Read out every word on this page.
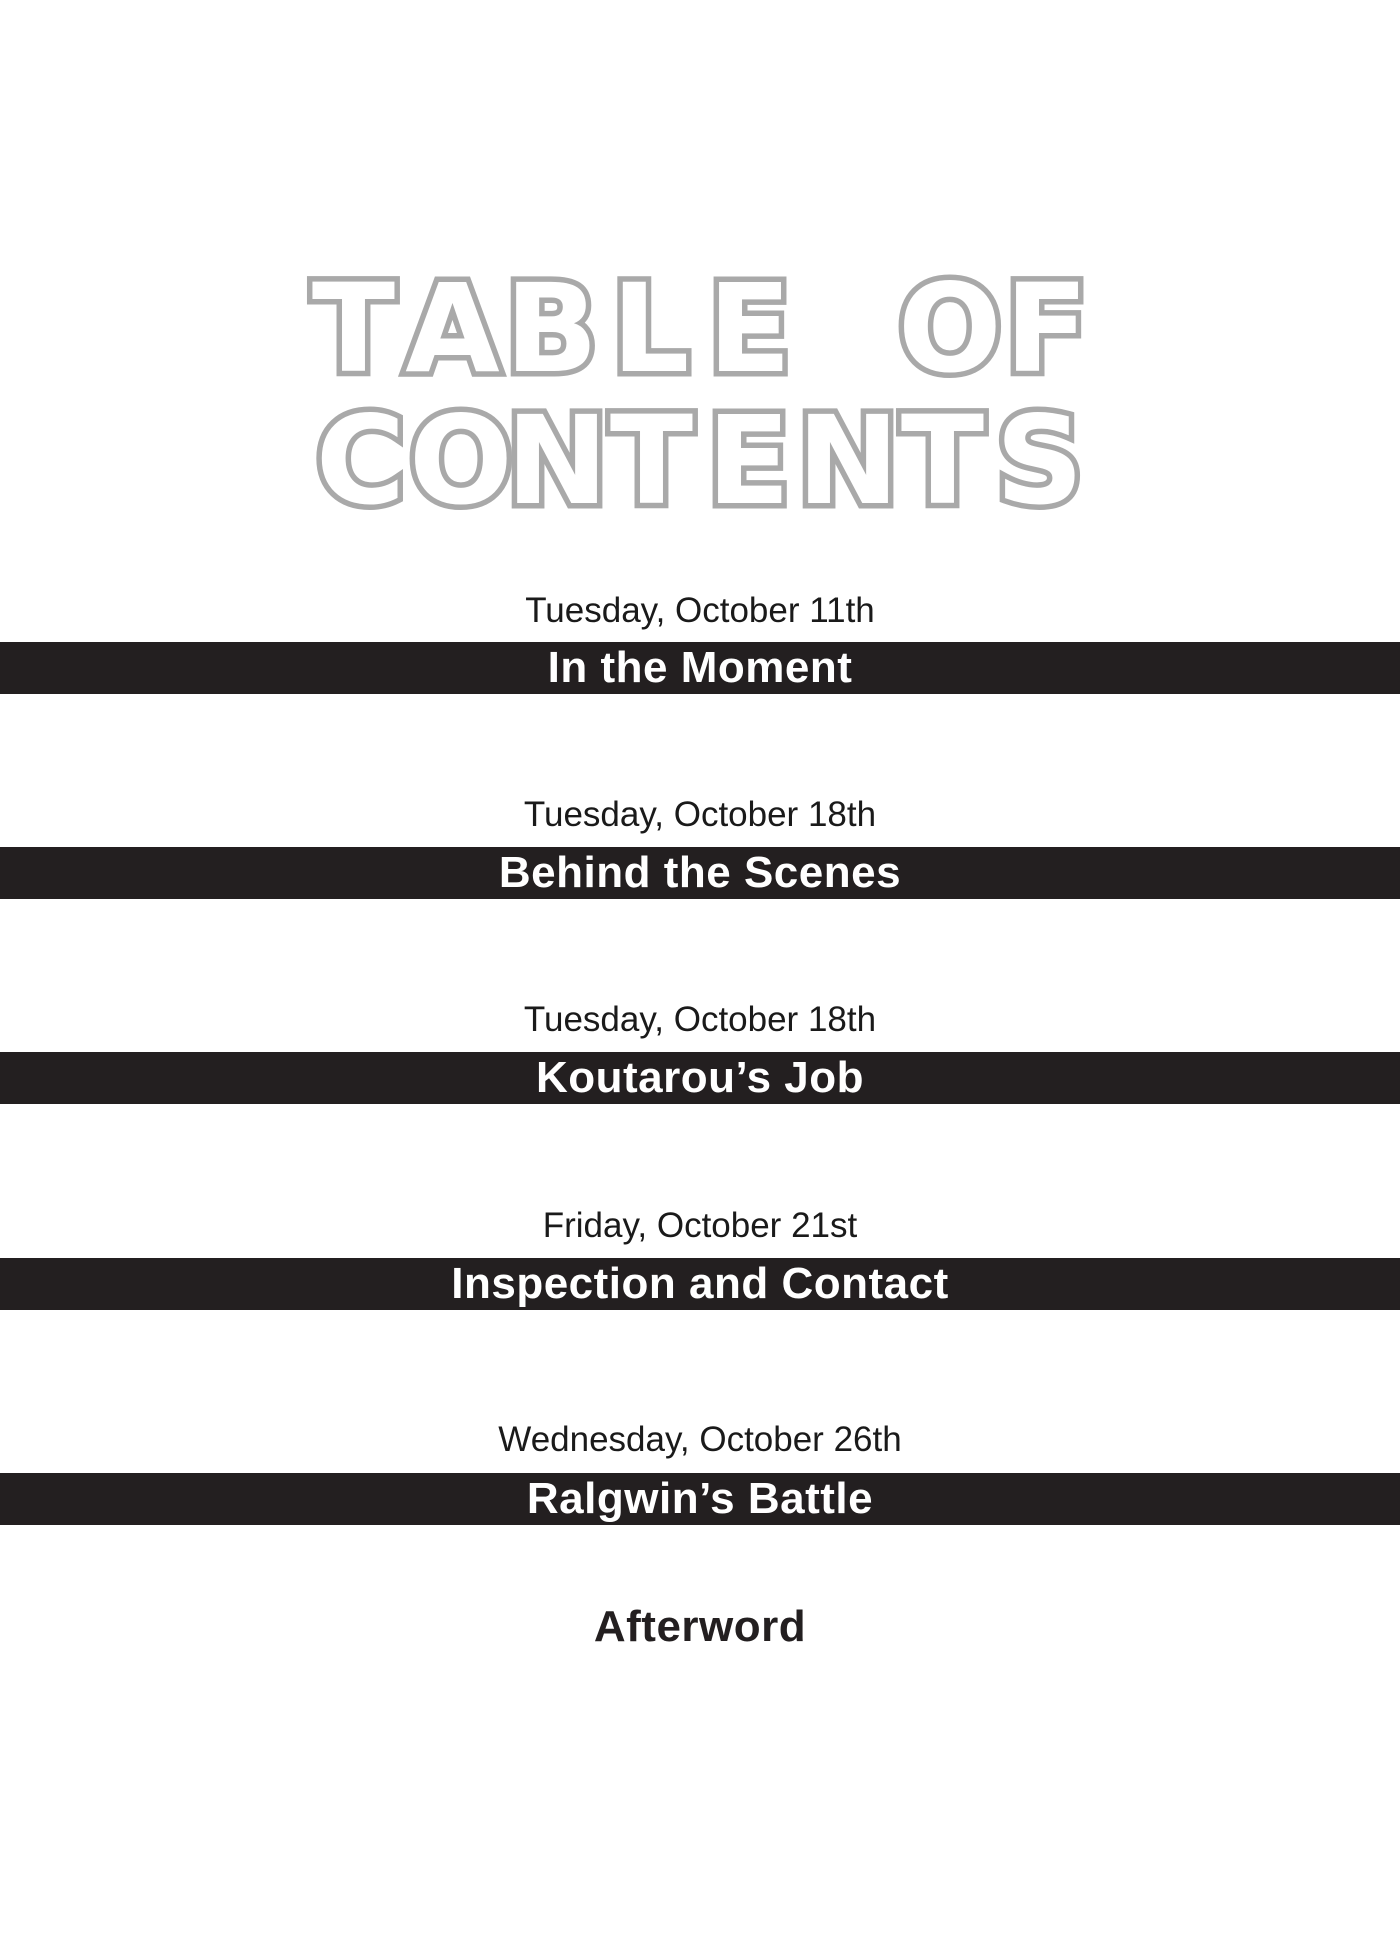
T A B L E O F
C O
N T E N T S
Tuesday, October 11th
In the Moment
Tuesday, October 18th
Behind the Scenes
Tuesday, October 18th
Koutarou’s Job
Friday, October 21st
Inspection and Contact
Wednesday, October 26th
Ralgwin’s Battle
Afterword
